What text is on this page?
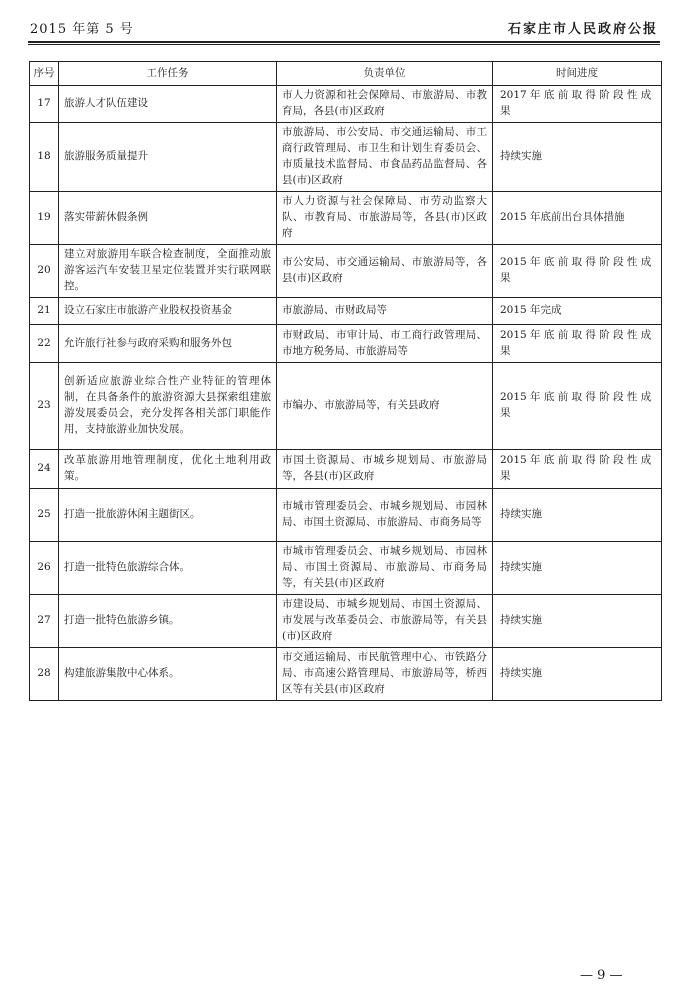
2015 年第 5 号	石家庄市人民政府公报
序号	工作任务	负责单位	时间进度
17	旅游人才队伍建设	市人力资源和社会保障局、市旅游局、市教育局，各县(市)区政府	2017 年 底 前 取 得 阶 段 性 成果
18	旅游服务质量提升	市旅游局、市公安局、市交通运输局、市工商行政管理局、市卫生和计划生育委员会、市质量技术监督局、市食品药品监督局、各县(市)区政府	持续实施
19	落实带薪休假条例	市人力资源与社会保障局、市劳动监察大队、市教育局、市旅游局等，各县(市)区政府	2015 年底前出台具体措施
20	建立对旅游用车联合检查制度，全面推动旅游客运汽车安装卫星定位装置并实行联网联控。	市公安局、市交通运输局、市旅游局等，各县(市)区政府	2015 年 底 前 取 得 阶 段 性 成果
21	设立石家庄市旅游产业股权投资基金	市旅游局、市财政局等	2015 年完成
22	允许旅行社参与政府采购和服务外包	市财政局、市审计局、市工商行政管理局、市地方税务局、市旅游局等	2015 年 底 前 取 得 阶 段 性 成果
23	创新适应旅游业综合性产业特征的管理体制，在具备条件的旅游资源大县探索组建旅游发展委员会，充分发挥各相关部门职能作用，支持旅游业加快发展。	市编办、市旅游局等，有关县政府	2015 年 底 前 取 得 阶 段 性 成果
24	改革旅游用地管理制度，优化土地利用政策。	市国土资源局、市城乡规划局、市旅游局等，各县(市)区政府	2015 年 底 前 取 得 阶 段 性 成果
25	打造一批旅游休闲主题街区。	市城市管理委员会、市城乡规划局、市园林局、市国土资源局、市旅游局、市商务局等	持续实施
26	打造一批特色旅游综合体。	市城市管理委员会、市城乡规划局、市园林局、市国土资源局、市旅游局、市商务局等，有关县(市)区政府	持续实施
27	打造一批特色旅游乡镇。	市建设局、市城乡规划局、市国土资源局、市发展与改革委员会、市旅游局等，有关县(市)区政府	持续实施
28	构建旅游集散中心体系。	市交通运输局、市民航管理中心、市铁路分局、市高速公路管理局、市旅游局等，桥西区等有关县(市)区政府	持续实施
— 9 —
